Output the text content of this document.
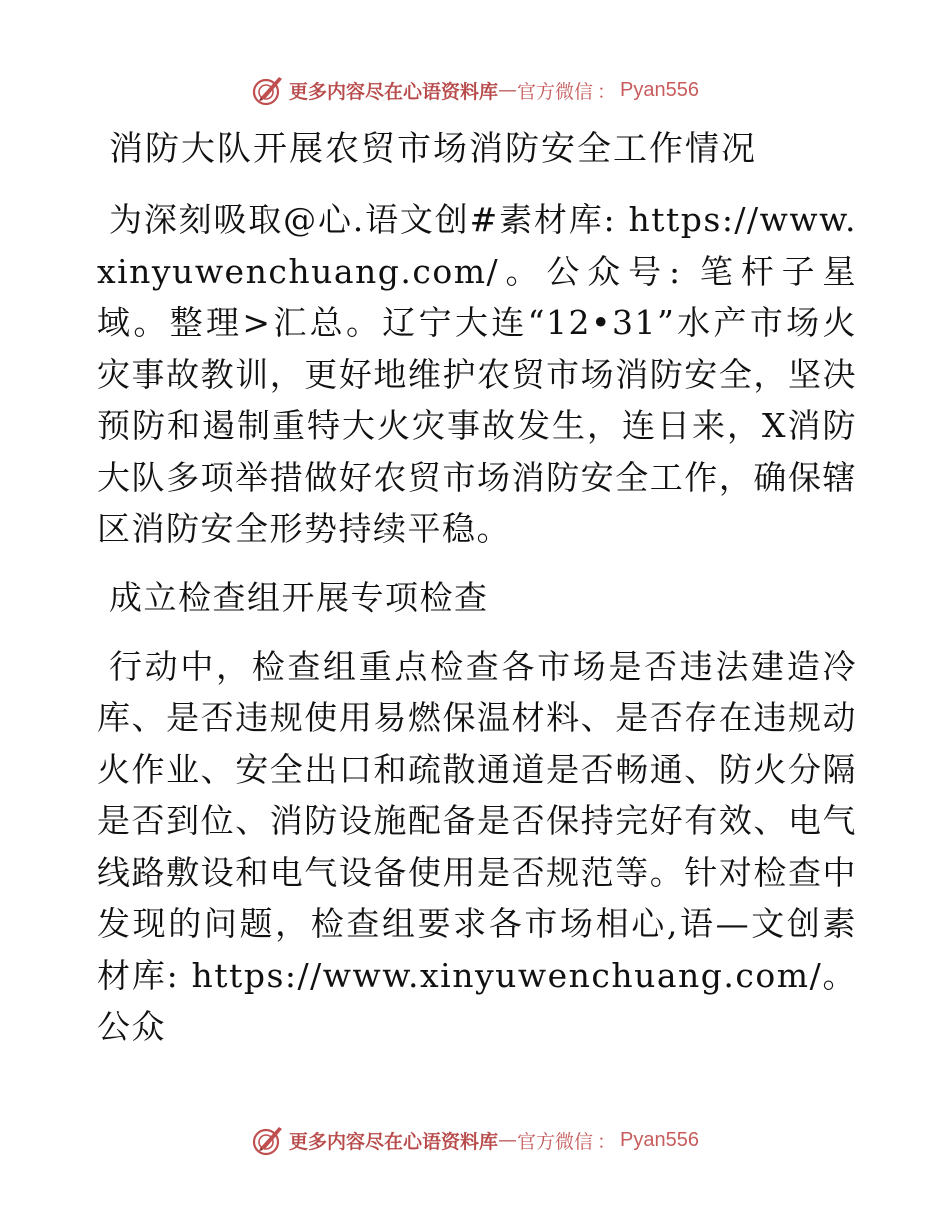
更多内容尽在心语资料库 — 官方微信 ： Pyan556
消防大队开展农贸市场消防安全工作情况

为深刻吸取@心.语文创#素材库: https://www.xinyuwenchuang.com/。公众号: 笔杆子星域。整理>汇总。辽宁大连“12•31”水产市场火灾事故教训，更好地维护农贸市场消防安全，坚决预防和遏制重特大火灾事故发生，连日来，X消防大队多项举措做好农贸市场消防安全工作，确保辖区消防安全形势持续平稳。

成立检查组开展专项检查

行动中，检查组重点检查各市场是否违法建造冷库、是否违规使用易燃保温材料、是否存在违规动火作业、安全出口和疏散通道是否畅通、防火分隔是否到位、消防设施配备是否保持完好有效、电气线路敷设和电气设备使用是否规范等。针对检查中发现的问题，检查组要求各市场相心,语—文创素材库: https://www.xinyuwenchuang.com/。公众

更多内容尽在心语资料库 — 官方微信 ： Pyan556
